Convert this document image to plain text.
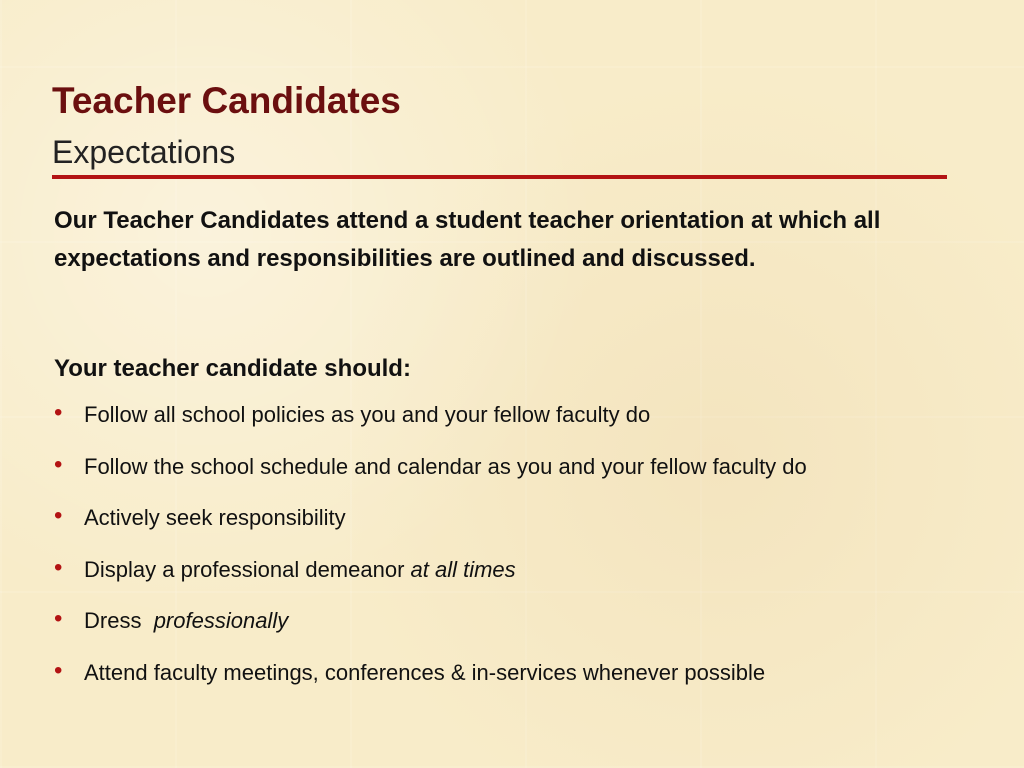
Teacher Candidates
Expectations
Our Teacher Candidates attend a student teacher orientation at which all expectations and responsibilities are outlined and discussed.
Your teacher candidate should:
• Follow all school policies as you and your fellow faculty do
• Follow the school schedule and calendar as you and your fellow faculty do
• Actively seek responsibility
• Display a professional demeanor at all times
• Dress  professionally
• Attend faculty meetings, conferences & in-services whenever possible
